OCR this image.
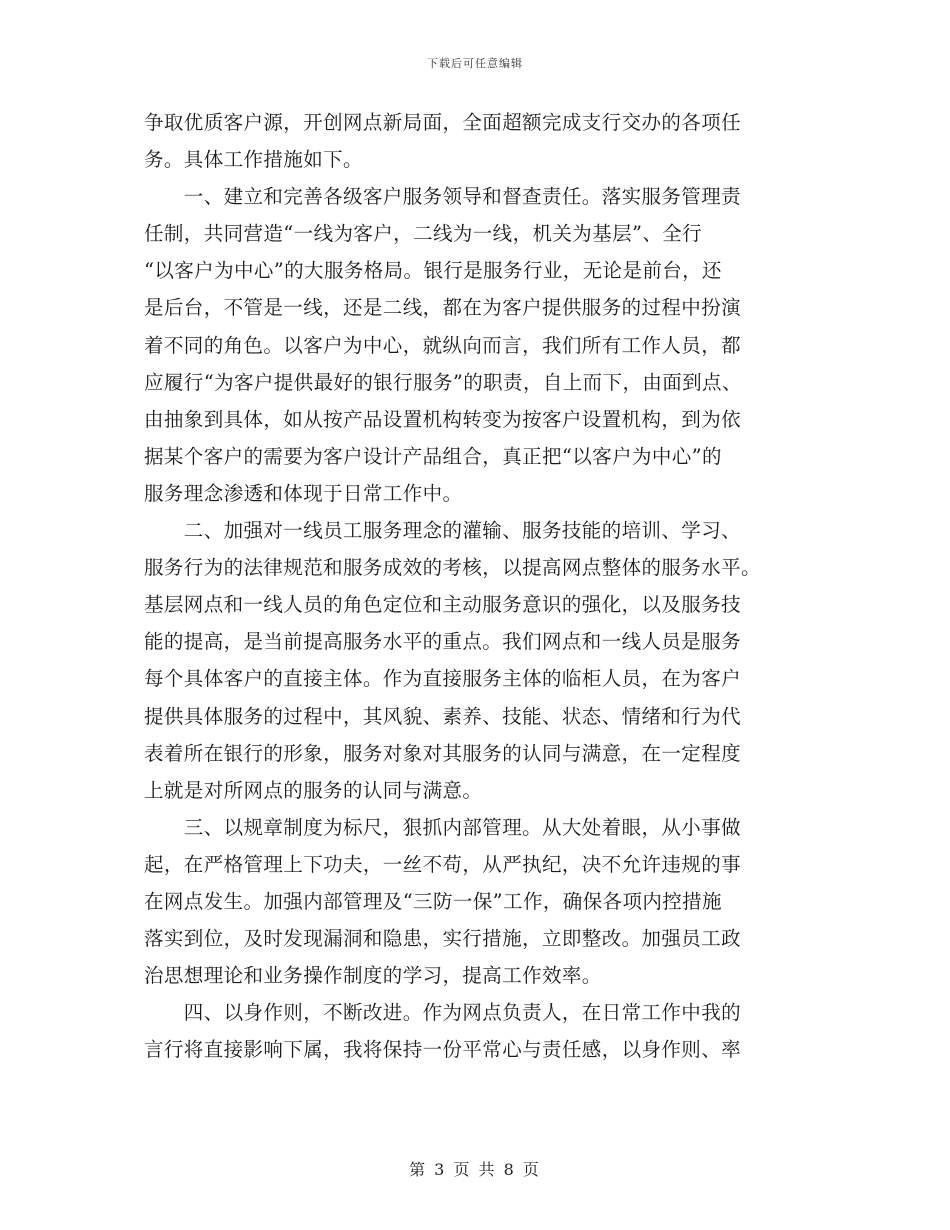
下载后可任意编辑
争取优质客户源，开创网点新局面，全面超额完成支行交办的各项任
务。具体工作措施如下。
　　一、建立和完善各级客户服务领导和督查责任。落实服务管理责
任制，共同营造“一线为客户，二线为一线，机关为基层”、全行
“以客户为中心”的大服务格局。银行是服务行业，无论是前台，还
是后台，不管是一线，还是二线，都在为客户提供服务的过程中扮演
着不同的角色。以客户为中心，就纵向而言，我们所有工作人员，都
应履行“为客户提供最好的银行服务”的职责，自上而下，由面到点、
由抽象到具体，如从按产品设置机构转变为按客户设置机构，到为依
据某个客户的需要为客户设计产品组合，真正把“以客户为中心”的
服务理念渗透和体现于日常工作中。
　　二、加强对一线员工服务理念的灌输、服务技能的培训、学习、
服务行为的法律规范和服务成效的考核，以提高网点整体的服务水平。
基层网点和一线人员的角色定位和主动服务意识的强化，以及服务技
能的提高，是当前提高服务水平的重点。我们网点和一线人员是服务
每个具体客户的直接主体。作为直接服务主体的临柜人员，在为客户
提供具体服务的过程中，其风貌、素养、技能、状态、情绪和行为代
表着所在银行的形象，服务对象对其服务的认同与满意，在一定程度
上就是对所网点的服务的认同与满意。
　　三、以规章制度为标尺，狠抓内部管理。从大处着眼，从小事做
起，在严格管理上下功夫，一丝不苟，从严执纪，决不允许违规的事
在网点发生。加强内部管理及“三防一保”工作，确保各项内控措施
落实到位，及时发现漏洞和隐患，实行措施，立即整改。加强员工政
治思想理论和业务操作制度的学习，提高工作效率。
　　四、以身作则，不断改进。作为网点负责人，在日常工作中我的
言行将直接影响下属，我将保持一份平常心与责任感，以身作则、率
第 3 页 共 8 页
